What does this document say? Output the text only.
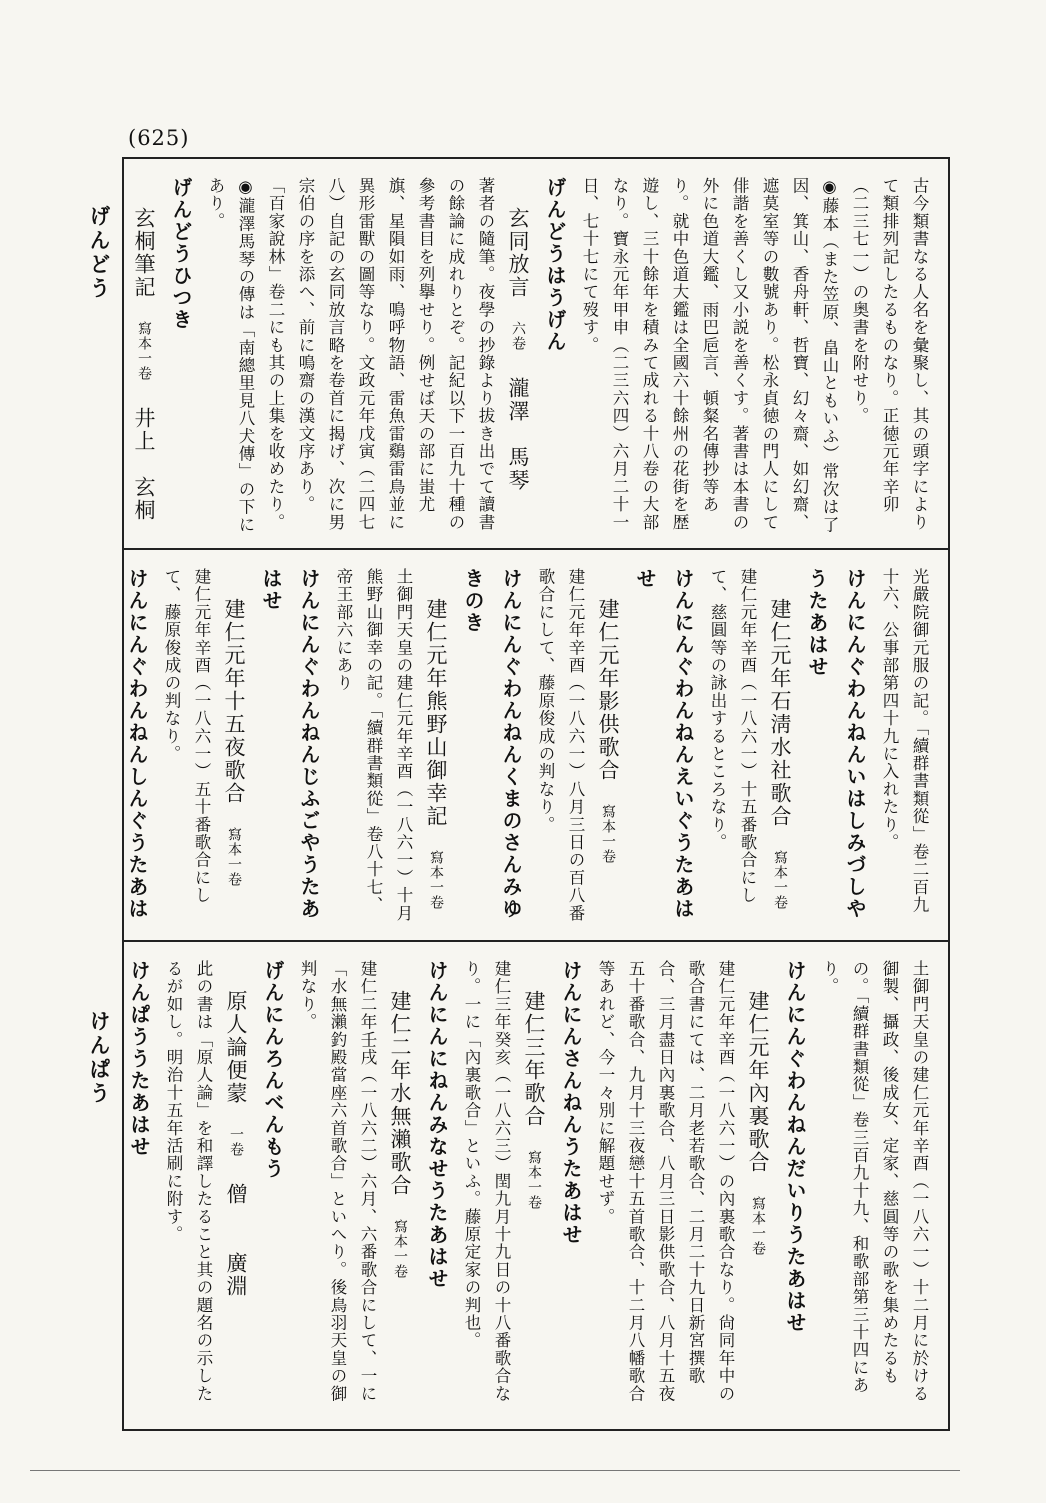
(625)
げんどう
けんぱう

古今類書なる人名を彙聚し、其の頭字によりて類排列記したるものなり。正徳元年辛卯（二三七一）の奥書を附せり。

◉藤本（また笠原、畠山ともいふ）常次は了因、箕山、香舟軒、哲寶、幻々齋、如幻齋、遮莫室等の數號あり。松永貞徳の門人にして俳諧を善くし又小説を善くす。著書は本書の外に色道大鑑、雨巴巵言、頓粲名傳抄等あり。就中色道大鑑は全國六十餘州の花街を歴遊し、三十餘年を積みて成れる十八卷の大部なり。寶永元年甲申（二三六四）六月二十一日、七十七にて歿す。

げんどうはうげん

玄同放言六卷瀧澤　馬琴

著者の隨筆。夜學の抄錄より拔き出でて讀書の餘論に成れりとぞ。記紀以下一百九十種の參考書目を列擧せり。例せば天の部に蚩尤旗、星隕如雨、鳴呼物語、雷魚雷鷄雷鳥並に異形雷獸の圖等なり。文政元年戊寅（二四七八）自記の玄同放言略を卷首に揭げ、次に男宗伯の序を添へ、前に鳴齋の漢文序あり。「百家說林」卷二にも其の上集を收めたり。

◉瀧澤馬琴の傳は「南總里見八犬傳」の下にあり。

げんどうひつき

玄桐筆記寫本一卷井上　玄桐

光嚴院御元服の記。「續群書類從」卷二百九十六、公事部第四十九に入れたり。

けんにんぐわんねんいはしみづしやうたあはせ

建仁元年石淸水社歌合寫本一卷

建仁元年辛酉（一八六一）十五番歌合にして、慈圓等の詠出するところなり。

けんにんぐわんねんえいぐうたあはせ

建仁元年影供歌合寫本一卷

建仁元年辛酉（一八六一）八月三日の百八番歌合にして、藤原俊成の判なり。

けんにんぐわんねんくまのさんみゆきのき

建仁元年熊野山御幸記寫本一卷

土御門天皇の建仁元年辛酉（一八六一）十月熊野山御幸の記。「續群書類從」卷八十七、帝王部六にあり

けんにんぐわんねんじふごやうたあはせ

建仁元年十五夜歌合寫本一卷

建仁元年辛酉（一八六一）五十番歌合にして、藤原俊成の判なり。

けんにんぐわんねんしんぐうたあは

土御門天皇の建仁元年辛酉（一八六一）十二月に於ける御製、攝政、後成女、定家、慈圓等の歌を集めたるもの。「續群書類從」卷三百九十九、和歌部第三十四にあり。

けんにんぐわんねんだいりうたあはせ

建仁元年內裏歌合寫本一卷

建仁元年辛酉（一八六一）の內裏歌合なり。尙同年中の歌合書にては、二月老若歌合、二月二十九日新宮撰歌合、三月盡日內裏歌合、八月三日影供歌合、八月十五夜五十番歌合、九月十三夜戀十五首歌合、十二月八幡歌合等あれど、今一々別に解題せず。

けんにんさんねんうたあはせ

建仁三年歌合寫本一卷

建仁三年癸亥（一八六三）閏九月十九日の十八番歌合なり。一に「內裏歌合」といふ。藤原定家の判也。

けんにんにねんみなせうたあはせ

建仁二年水無瀨歌合寫本一卷

建仁二年壬戌（一八六二）六月、六番歌合にして、一に「水無瀨釣殿當座六首歌合」といへり。後鳥羽天皇の御判なり。

げんにんろんべんもう

原人論便蒙一卷僧　　廣淵

此の書は「原人論」を和譯したること其の題名の示したるが如し。明治十五年活刷に附す。

けんぱううたあはせ
